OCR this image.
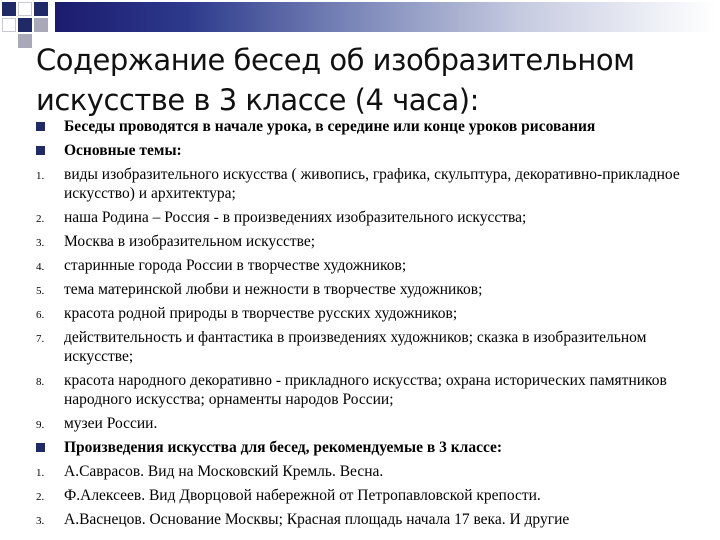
Содержание бесед об изобразительном искусстве в 3 классе (4 часа):
Беседы проводятся в начале урока, в середине или конце уроков рисования
Основные темы:
1. виды изобразительного искусства ( живопись, графика, скульптура, декоративно-прикладное искусство) и архитектура;
2. наша Родина – Россия - в произведениях изобразительного искусства;
3. Москва в изобразительном искусстве;
4. старинные города России в творчестве художников;
5. тема материнской любви и нежности в творчестве художников;
6. красота родной природы в творчестве русских художников;
7. действительность и фантастика в произведениях художников; сказка в изобразительном искусстве;
8. красота народного декоративно - прикладного искусства; охрана исторических памятников народного искусства; орнаменты народов России;
9. музеи России.
Произведения искусства для бесед, рекомендуемые в 3 классе:
1. А.Саврасов. Вид на Московский Кремль. Весна.
2. Ф.Алексеев. Вид Дворцовой набережной от Петропавловской крепости.
3. А.Васнецов. Основание Москвы; Красная площадь начала 17 века. И другие
